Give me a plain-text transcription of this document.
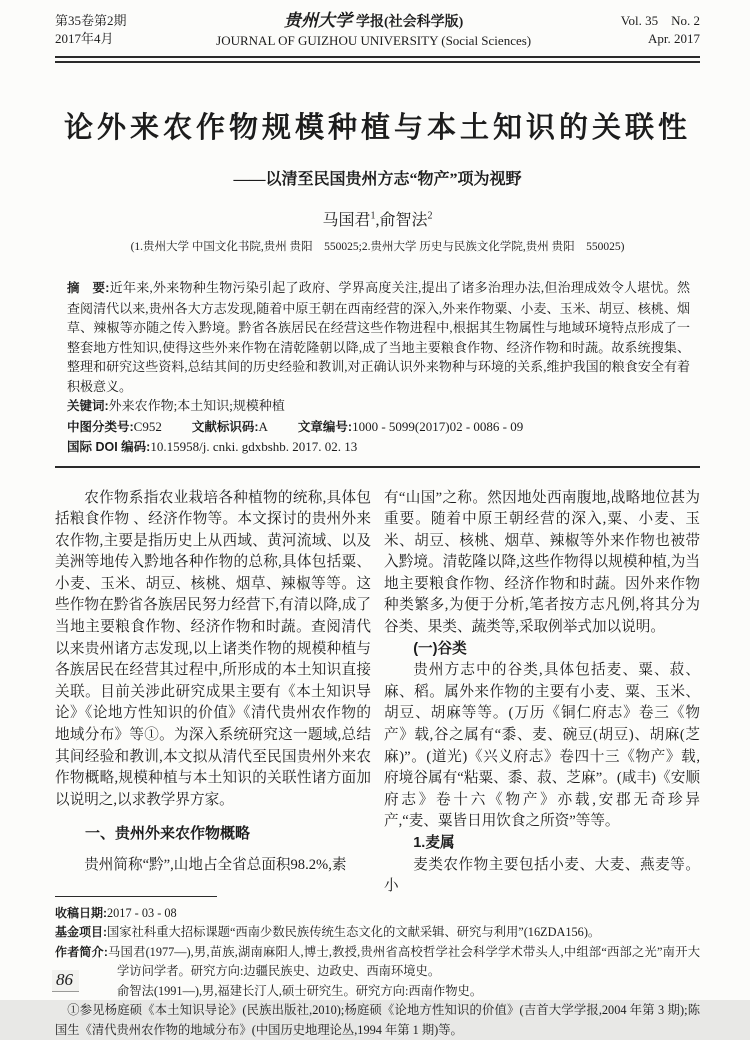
第35卷第2期
2017年4月
贵州大学 学报(社会科学版)
JOURNAL OF GUIZHOU UNIVERSITY (Social Sciences)
Vol. 35　No. 2
Apr. 2017
论外来农作物规模种植与本土知识的关联性
——以清至民国贵州方志“物产”项为视野
马国君$^1$,俞智法$^2$
(1.贵州大学 中国文化书院,贵州 贵阳　550025;2.贵州大学 历史与民族文化学院,贵州 贵阳　550025)

摘　要:近年来,外来物种生物污染引起了政府、学界高度关注,提出了诸多治理办法,但治理成效令人堪忧。然查阅清代以来,贵州各大方志发现,随着中原王朝在西南经营的深入,外来作物粟、小麦、玉米、胡豆、核桃、烟草、辣椒等亦随之传入黔境。黔省各族居民在经营这些作物进程中,根据其生物属性与地域环境特点形成了一整套地方性知识,使得这些外来作物在清乾隆朝以降,成了当地主要粮食作物、经济作物和时蔬。故系统搜集、整理和研究这些资料,总结其间的历史经验和教训,对正确认识外来物种与环境的关系,维护我国的粮食安全有着积极意义。

关键词:外来农作物;本土知识;规模种植

中图分类号:C952 文献标识码:A 文章编号:1000 - 5099(2017)02 - 0086 - 09

国际 DOI 编码:10.15958/j. cnki. gdxbshb. 2017. 02. 13

农作物系指农业栽培各种植物的统称,具体包括粮食作物 、经济作物等。本文探讨的贵州外来农作物,主要是指历史上从西域、黄河流域、以及美洲等地传入黔地各种作物的总称,具体包括粟、小麦、玉米、胡豆、核桃、烟草、辣椒等等。这些作物在黔省各族居民努力经营下,有清以降,成了当地主要粮食作物、经济作物和时蔬。查阅清代以来贵州诸方志发现,以上诸类作物的规模种植与各族居民在经营其过程中,所形成的本土知识直接关联。目前关涉此研究成果主要有《本土知识导论》《论地方性知识的价值》《清代贵州农作物的地域分布》等①。为深入系统研究这一题域,总结其间经验和教训,本文拟从清代至民国贵州外来农作物概略,规模种植与本土知识的关联性诸方面加以说明之,以求教学界方家。

一、贵州外来农作物概略

贵州简称“黔”,山地占全省总面积98.2%,素

有“山国”之称。然因地处西南腹地,战略地位甚为重要。随着中原王朝经营的深入,粟、小麦、玉米、胡豆、核桃、烟草、辣椒等外来作物也被带入黔境。清乾隆以降,这些作物得以规模种植,为当地主要粮食作物、经济作物和时蔬。因外来作物种类繁多,为便于分析,笔者按方志凡例,将其分为谷类、果类、蔬类等,采取例举式加以说明。

(一)谷类

贵州方志中的谷类,具体包括麦、粟、菽、麻、稻。属外来作物的主要有小麦、粟、玉米、胡豆、胡麻等等。(万历《铜仁府志》卷三《物产》载,谷之属有“黍、麦、碗豆(胡豆)、胡麻(芝麻)”。(道光)《兴义府志》卷四十三《物产》载,府境谷属有“粘粟、黍、菽、芝麻”。(咸丰)《安顺府志》卷十六《物产》亦载,安郡无奇珍异产,“麦、粟皆日用饮食之所资”等等。

1.麦属

麦类农作物主要包括小麦、大麦、燕麦等。小

收稿日期:2017 - 03 - 08

基金项目:国家社科重大招标课题“西南少数民族传统生态文化的文献采辑、研究与利用”(16ZDA156)。

作者简介:马国君(1977—),男,苗族,湖南麻阳人,博士,教授,贵州省高校哲学社会科学学术带头人,中组部“西部之光”南开大学访问学者。研究方向:边疆民族史、边政史、西南环境史。

俞智法(1991—),男,福建长汀人,硕士研究生。研究方向:西南作物史。

①参见杨庭硕《本土知识导论》(民族出版社,2010);杨庭硕《论地方性知识的价值》(吉首大学学报,2004 年第 3 期);陈国生《清代贵州农作物的地域分布》(中国历史地理论丛,1994 年第 1 期)等。

86
